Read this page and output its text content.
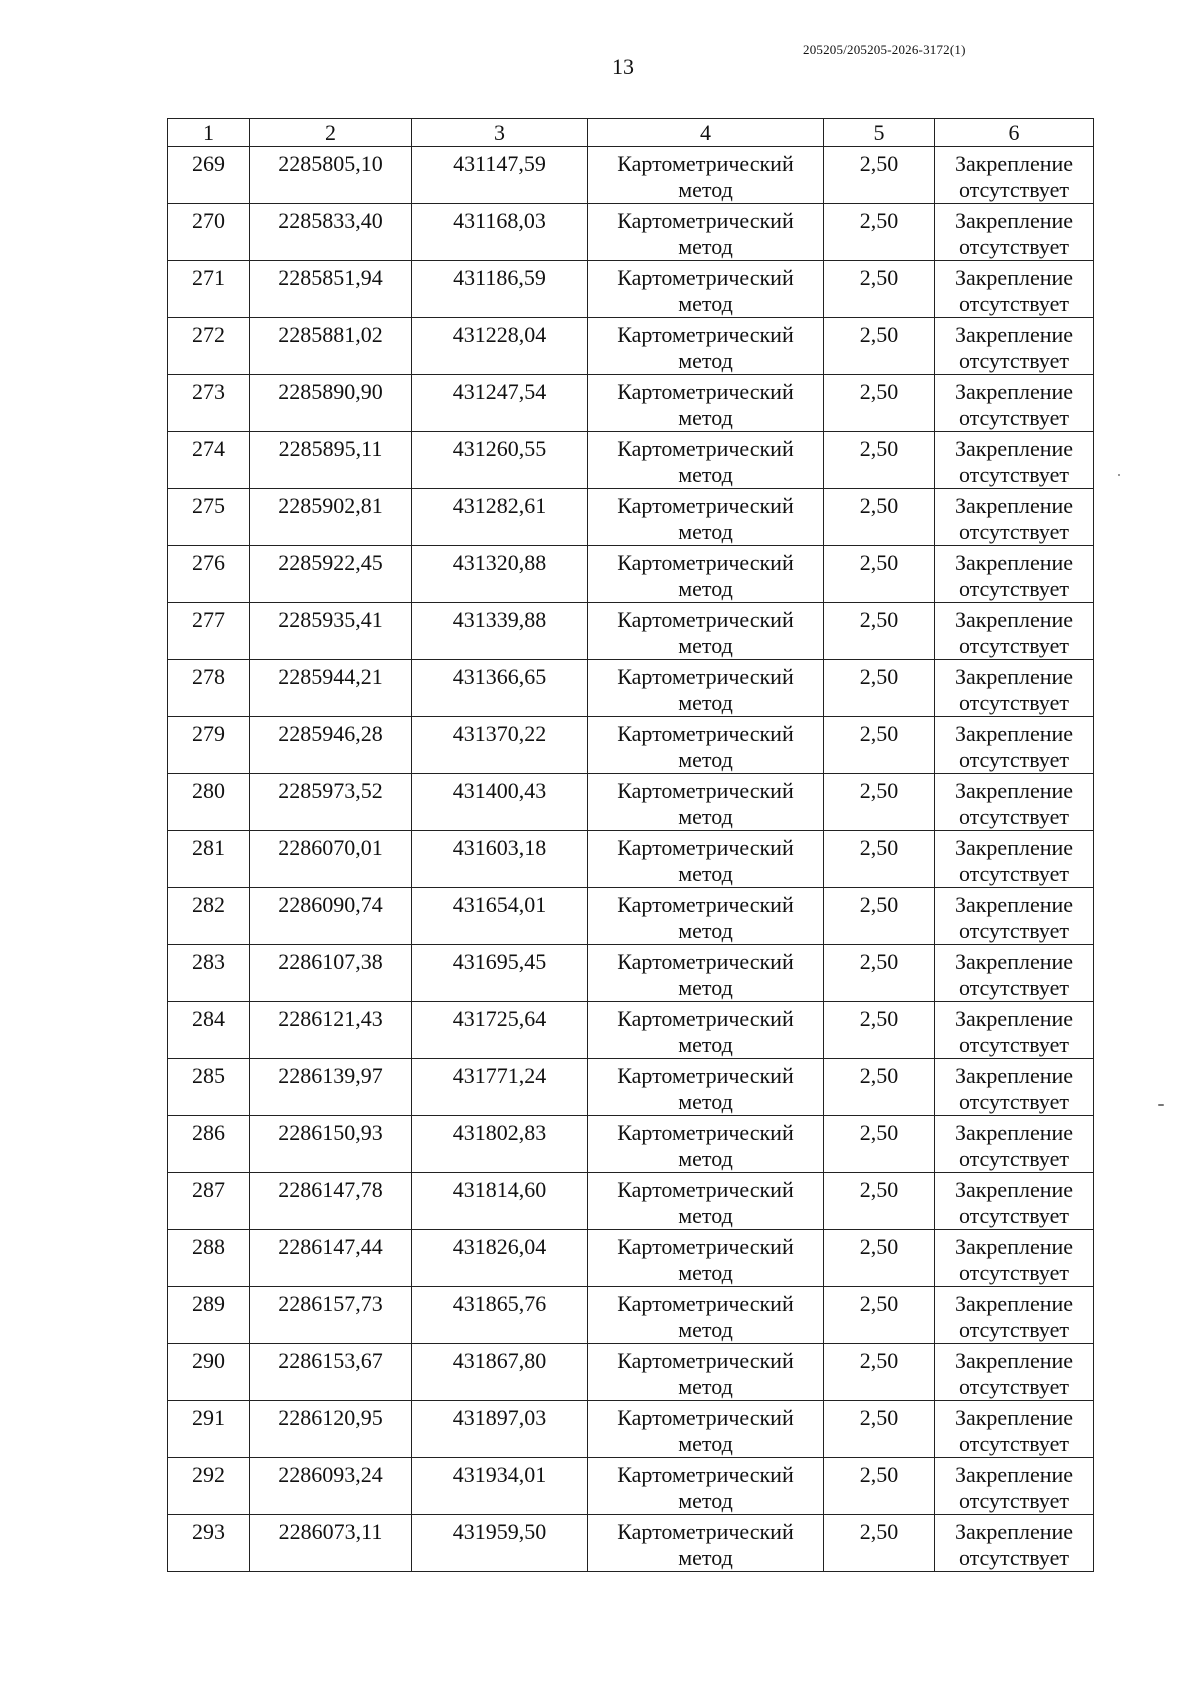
205205/205205-2026-3172(1)
13
1	2	3	4	5	6
269	2285805,10	431147,59	Картометрический метод	2,50	Закрепление отсутствует
270	2285833,40	431168,03	Картометрический метод	2,50	Закрепление отсутствует
271	2285851,94	431186,59	Картометрический метод	2,50	Закрепление отсутствует
272	2285881,02	431228,04	Картометрический метод	2,50	Закрепление отсутствует
273	2285890,90	431247,54	Картометрический метод	2,50	Закрепление отсутствует
274	2285895,11	431260,55	Картометрический метод	2,50	Закрепление отсутствует
275	2285902,81	431282,61	Картометрический метод	2,50	Закрепление отсутствует
276	2285922,45	431320,88	Картометрический метод	2,50	Закрепление отсутствует
277	2285935,41	431339,88	Картометрический метод	2,50	Закрепление отсутствует
278	2285944,21	431366,65	Картометрический метод	2,50	Закрепление отсутствует
279	2285946,28	431370,22	Картометрический метод	2,50	Закрепление отсутствует
280	2285973,52	431400,43	Картометрический метод	2,50	Закрепление отсутствует
281	2286070,01	431603,18	Картометрический метод	2,50	Закрепление отсутствует
282	2286090,74	431654,01	Картометрический метод	2,50	Закрепление отсутствует
283	2286107,38	431695,45	Картометрический метод	2,50	Закрепление отсутствует
284	2286121,43	431725,64	Картометрический метод	2,50	Закрепление отсутствует
285	2286139,97	431771,24	Картометрический метод	2,50	Закрепление отсутствует
286	2286150,93	431802,83	Картометрический метод	2,50	Закрепление отсутствует
287	2286147,78	431814,60	Картометрический метод	2,50	Закрепление отсутствует
288	2286147,44	431826,04	Картометрический метод	2,50	Закрепление отсутствует
289	2286157,73	431865,76	Картометрический метод	2,50	Закрепление отсутствует
290	2286153,67	431867,80	Картометрический метод	2,50	Закрепление отсутствует
291	2286120,95	431897,03	Картометрический метод	2,50	Закрепление отсутствует
292	2286093,24	431934,01	Картометрический метод	2,50	Закрепление отсутствует
293	2286073,11	431959,50	Картометрический метод	2,50	Закрепление отсутствует
